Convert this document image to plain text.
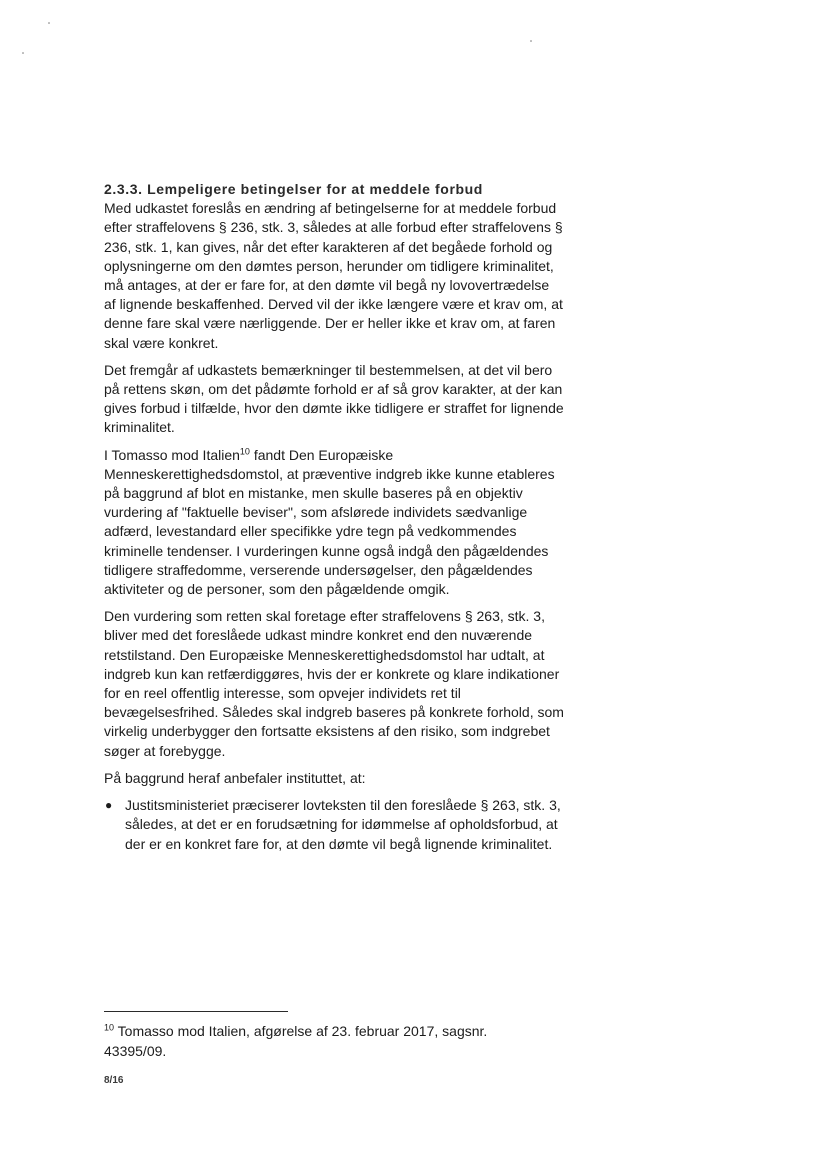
2.3.3. Lempeligere betingelser for at meddele forbud

Med udkastet foreslås en ændring af betingelserne for at meddele forbud efter straffelovens § 236, stk. 3, således at alle forbud efter straffelovens § 236, stk. 1, kan gives, når det efter karakteren af det begåede forhold og oplysningerne om den dømtes person, herunder om tidligere kriminalitet, må antages, at der er fare for, at den dømte vil begå ny lovovertrædelse af lignende beskaffenhed. Derved vil der ikke længere være et krav om, at denne fare skal være nærliggende. Der er heller ikke et krav om, at faren skal være konkret.

Det fremgår af udkastets bemærkninger til bestemmelsen, at det vil bero på rettens skøn, om det pådømte forhold er af så grov karakter, at der kan gives forbud i tilfælde, hvor den dømte ikke tidligere er straffet for lignende kriminalitet.

I Tomasso mod Italien$^{10}$ fandt Den Europæiske Menneskerettighedsdomstol, at præventive indgreb ikke kunne etableres på baggrund af blot en mistanke, men skulle baseres på en objektiv vurdering af "faktuelle beviser", som afslørede individets sædvanlige adfærd, levestandard eller specifikke ydre tegn på vedkommendes kriminelle tendenser. I vurderingen kunne også indgå den pågældendes tidligere straffedomme, verserende undersøgelser, den pågældendes aktiviteter og de personer, som den pågældende omgik.

Den vurdering som retten skal foretage efter straffelovens § 263, stk. 3, bliver med det foreslåede udkast mindre konkret end den nuværende retstilstand. Den Europæiske Menneskerettighedsdomstol har udtalt, at indgreb kun kan retfærdiggøres, hvis der er konkrete og klare indikationer for en reel offentlig interesse, som opvejer individets ret til bevægelsesfrihed. Således skal indgreb baseres på konkrete forhold, som virkelig underbygger den fortsatte eksistens af den risiko, som indgrebet søger at forebygge.

På baggrund heraf anbefaler instituttet, at:

● Justitsministeriet præciserer lovteksten til den foreslåede § 263, stk. 3, således, at det er en forudsætning for idømmelse af opholdsforbud, at der er en konkret fare for, at den dømte vil begå lignende kriminalitet.
$^{10}$ Tomasso mod Italien, afgørelse af 23. februar 2017, sagsnr. 43395/09.
8/16
